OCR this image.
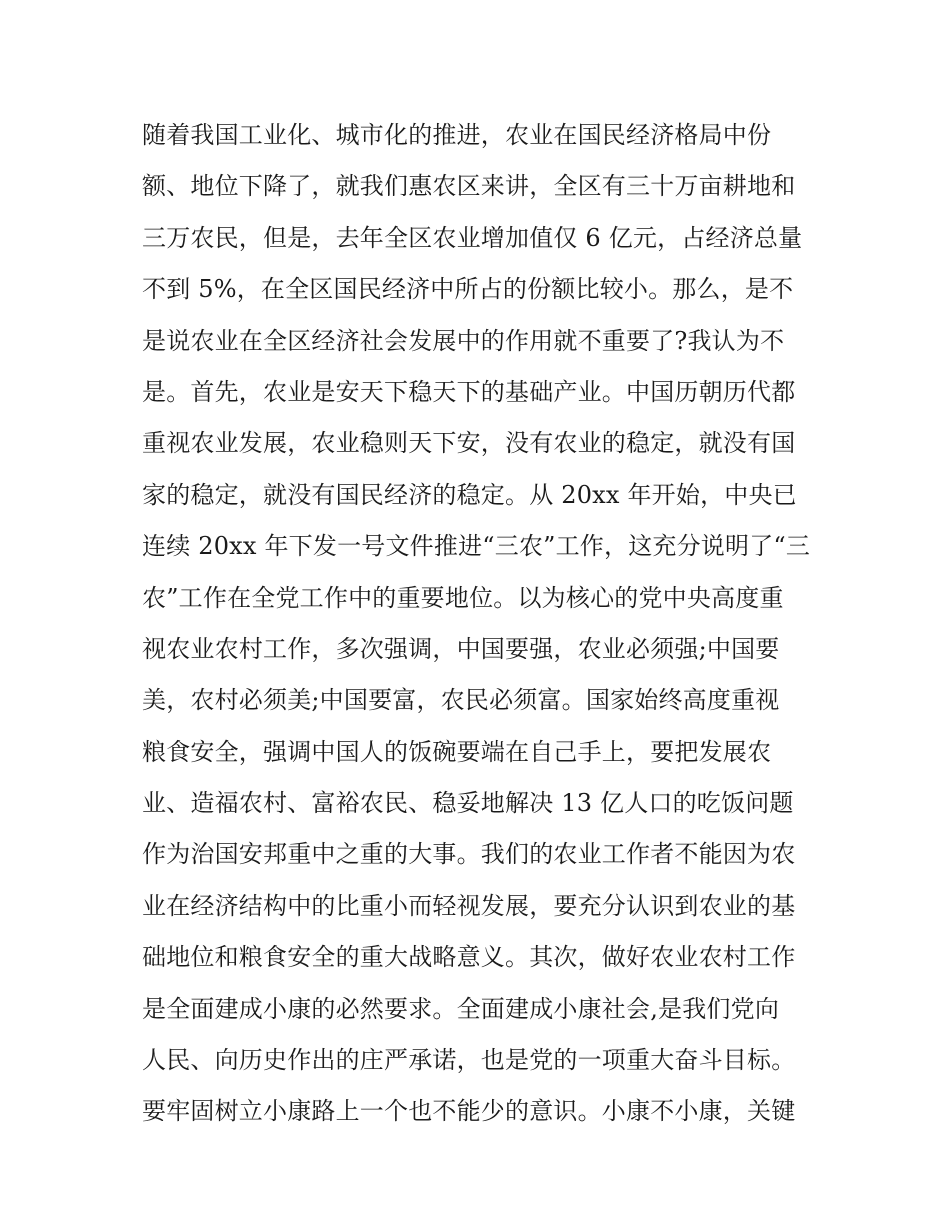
随着我国工业化、城市化的推进，农业在国民经济格局中份
额、地位下降了，就我们惠农区来讲，全区有三十万亩耕地和
三万农民，但是，去年全区农业增加值仅 6 亿元，占经济总量
不到 5%，在全区国民经济中所占的份额比较小。那么，是不
是说农业在全区经济社会发展中的作用就不重要了?我认为不
是。首先，农业是安天下稳天下的基础产业。中国历朝历代都
重视农业发展，农业稳则天下安，没有农业的稳定，就没有国
家的稳定，就没有国民经济的稳定。从 20xx 年开始，中央已
连续 20xx 年下发一号文件推进“三农”工作，这充分说明了“三
农”工作在全党工作中的重要地位。以为核心的党中央高度重
视农业农村工作，多次强调，中国要强，农业必须强;中国要
美，农村必须美;中国要富，农民必须富。国家始终高度重视
粮食安全，强调中国人的饭碗要端在自己手上，要把发展农
业、造福农村、富裕农民、稳妥地解决 13 亿人口的吃饭问题
作为治国安邦重中之重的大事。我们的农业工作者不能因为农
业在经济结构中的比重小而轻视发展，要充分认识到农业的基
础地位和粮食安全的重大战略意义。其次，做好农业农村工作
是全面建成小康的必然要求。全面建成小康社会,是我们党向
人民、向历史作出的庄严承诺，也是党的一项重大奋斗目标。
要牢固树立小康路上一个也不能少的意识。小康不小康，关键
